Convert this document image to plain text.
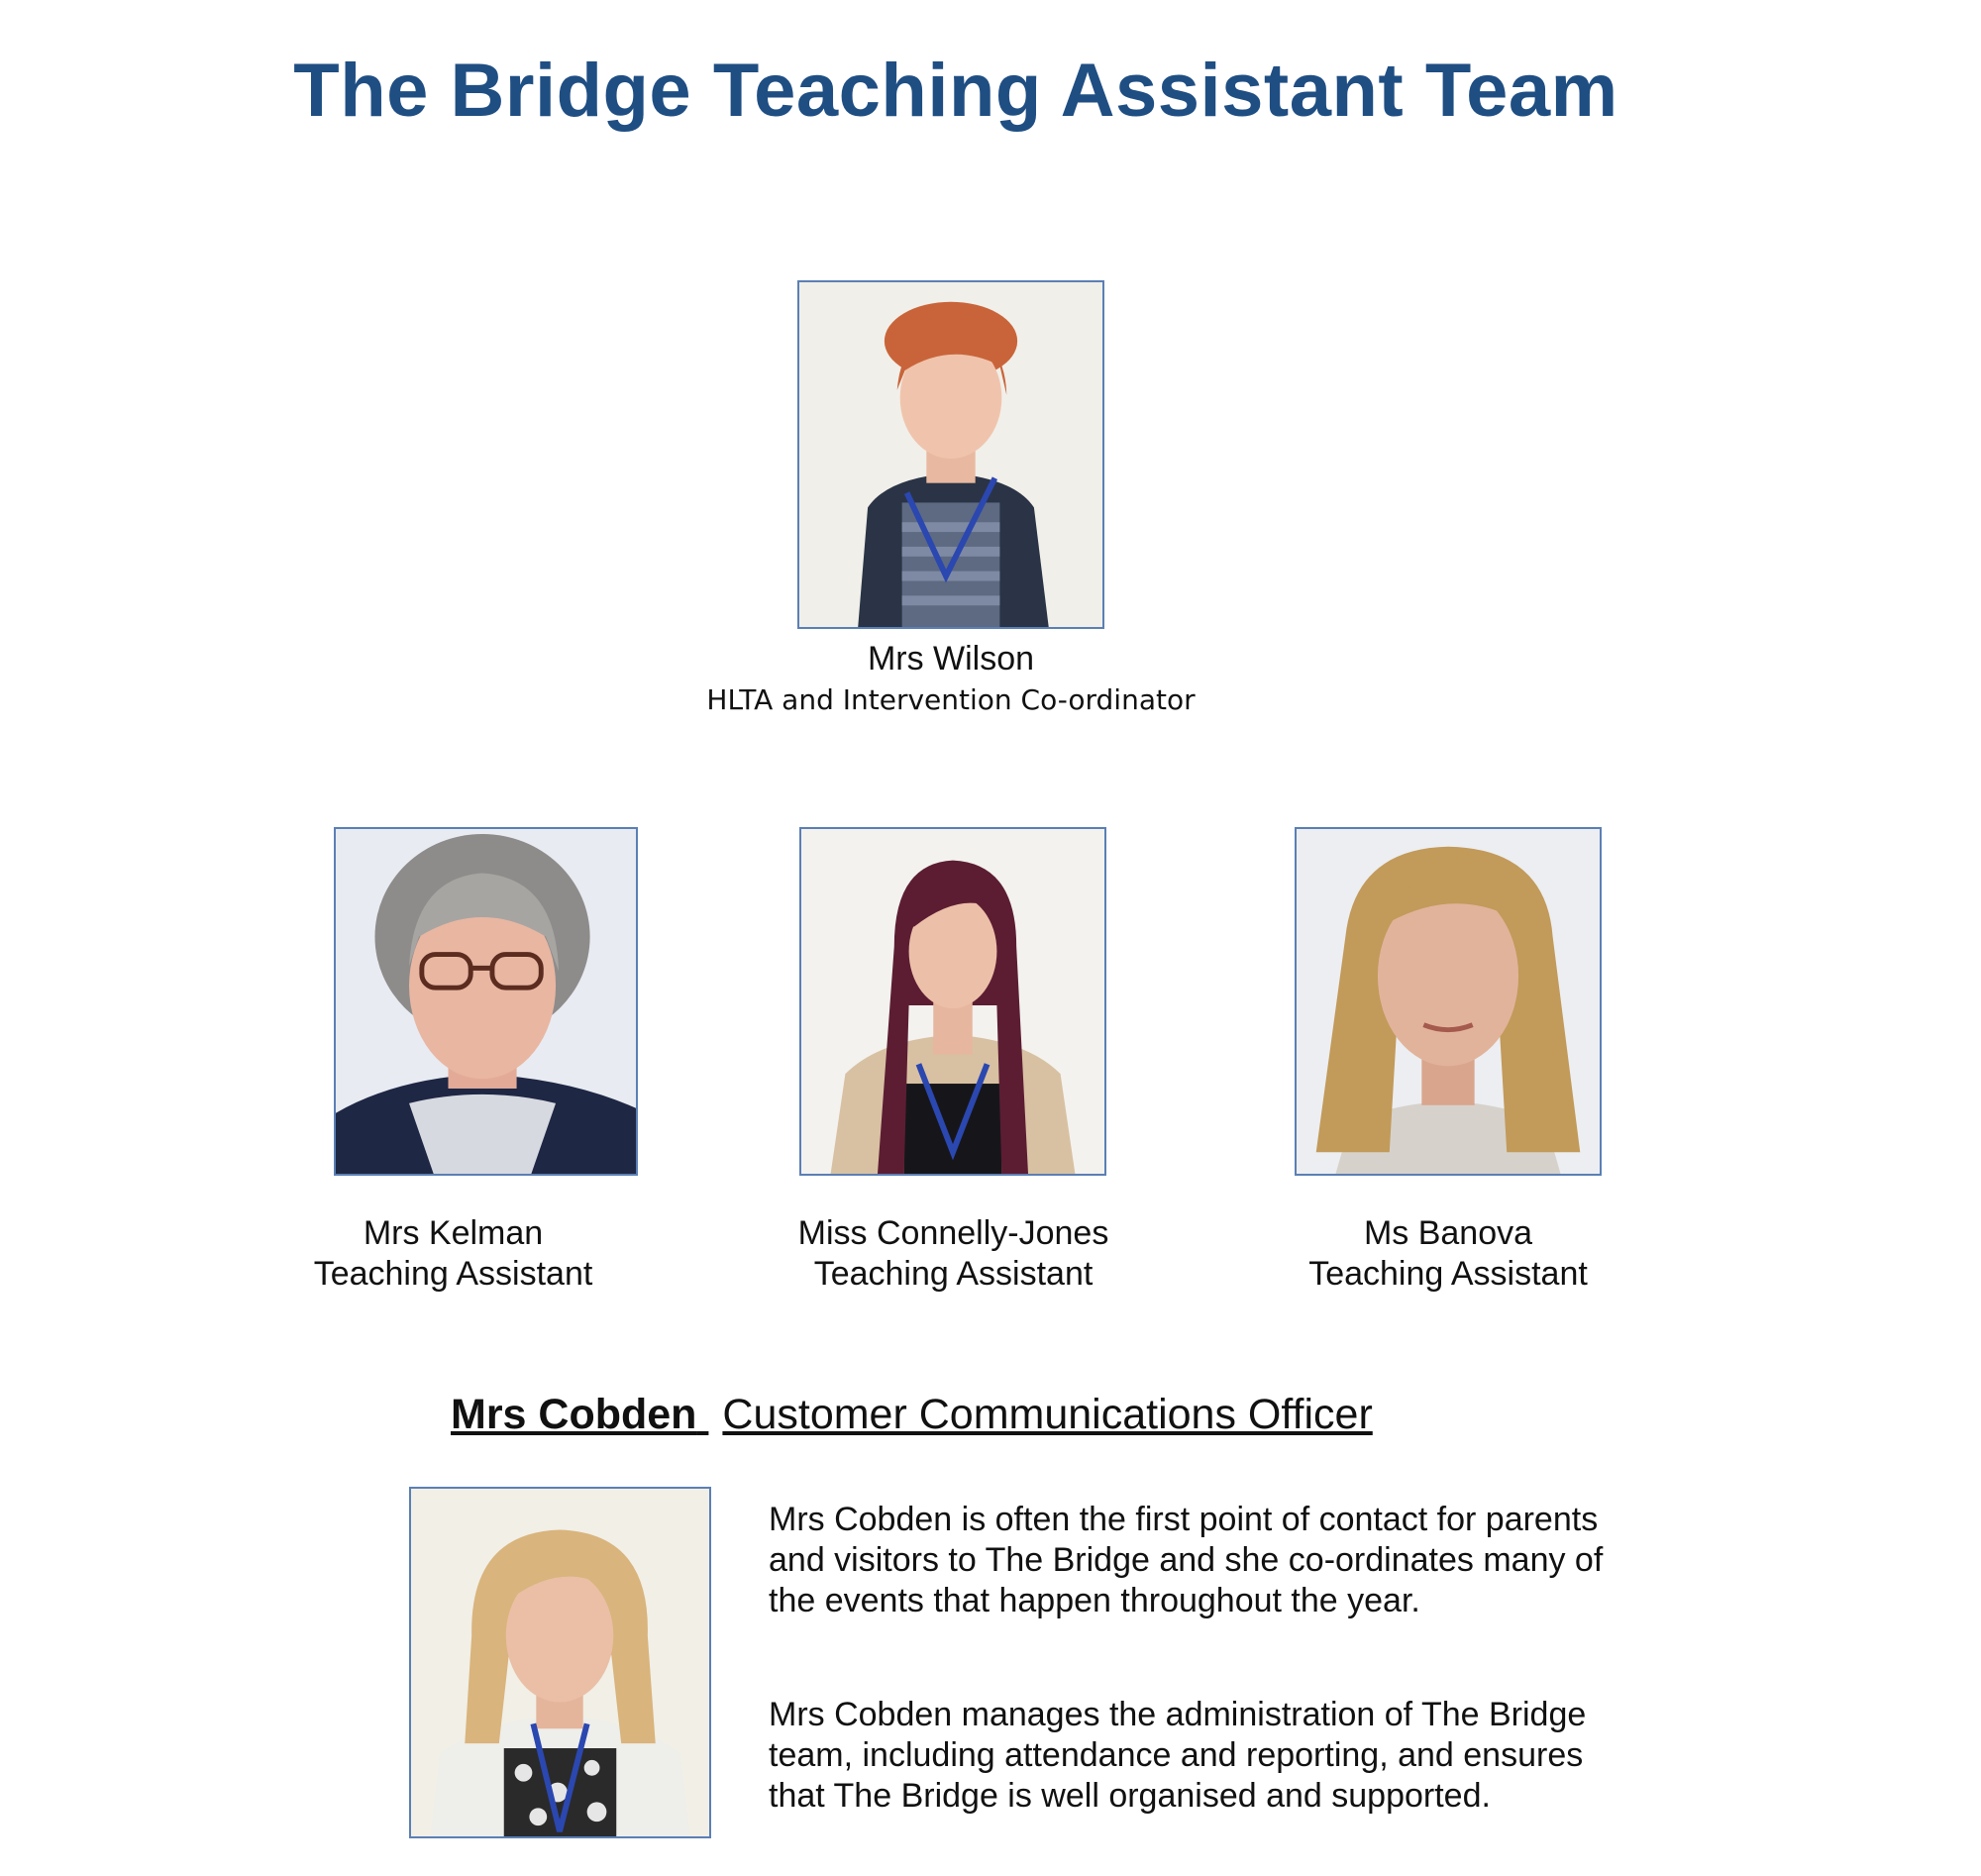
The Bridge Teaching Assistant Team
Mrs Wilson
HLTA and Intervention Co-ordinator
Mrs Kelman
Teaching Assistant
Miss Connelly-Jones
Teaching Assistant
Ms Banova
Teaching Assistant
Mrs Cobden Customer Communications Officer
Mrs Cobden is often the first point of contact for parents and visitors to The Bridge and she co-ordinates many of the events that happen throughout the year.
Mrs Cobden manages the administration of The Bridge team, including attendance and reporting, and ensures that The Bridge is well organised and supported.
